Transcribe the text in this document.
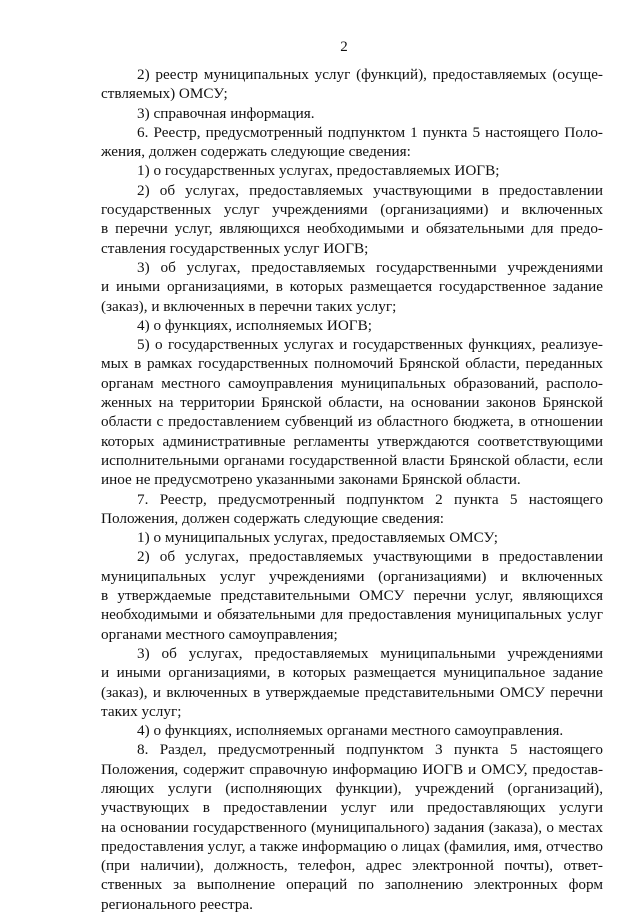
2
2) реестр муниципальных услуг (функций), предоставляемых (осуще-
ствляемых) ОМСУ;
3) справочная информация.
6. Реестр, предусмотренный подпунктом 1 пункта 5 настоящего Поло-
жения, должен содержать следующие сведения:
1) о государственных услугах, предоставляемых ИОГВ;
2) об услугах, предоставляемых участвующими в предоставлении
государственных услуг учреждениями (организациями) и включенных
в перечни услуг, являющихся необходимыми и обязательными для предо-
ставления государственных услуг ИОГВ;
3) об услугах, предоставляемых государственными учреждениями
и иными организациями, в которых размещается государственное задание
(заказ), и включенных в перечни таких услуг;
4) о функциях, исполняемых ИОГВ;
5) о государственных услугах и государственных функциях, реализуе-
мых в рамках государственных полномочий Брянской области, переданных
органам местного самоуправления муниципальных образований, располо-
женных на территории Брянской области, на основании законов Брянской
области с предоставлением субвенций из областного бюджета, в отношении
которых административные регламенты утверждаются соответствующими
исполнительными органами государственной власти Брянской области, если
иное не предусмотрено указанными законами Брянской области.
7. Реестр, предусмотренный подпунктом 2 пункта 5 настоящего
Положения, должен содержать следующие сведения:
1) о муниципальных услугах, предоставляемых ОМСУ;
2) об услугах, предоставляемых участвующими в предоставлении
муниципальных услуг учреждениями (организациями) и включенных
в утверждаемые представительными ОМСУ перечни услуг, являющихся
необходимыми и обязательными для предоставления муниципальных услуг
органами местного самоуправления;
3) об услугах, предоставляемых муниципальными учреждениями
и иными организациями, в которых размещается муниципальное задание
(заказ), и включенных в утверждаемые представительными ОМСУ перечни
таких услуг;
4) о функциях, исполняемых органами местного самоуправления.
8. Раздел, предусмотренный подпунктом 3 пункта 5 настоящего
Положения, содержит справочную информацию ИОГВ и ОМСУ, предостав-
ляющих услуги (исполняющих функции), учреждений (организаций),
участвующих в предоставлении услуг или предоставляющих услуги
на основании государственного (муниципального) задания (заказа), о местах
предоставления услуг, а также информацию о лицах (фамилия, имя, отчество
(при наличии), должность, телефон, адрес электронной почты), ответ-
ственных за выполнение операций по заполнению электронных форм
регионального реестра.
